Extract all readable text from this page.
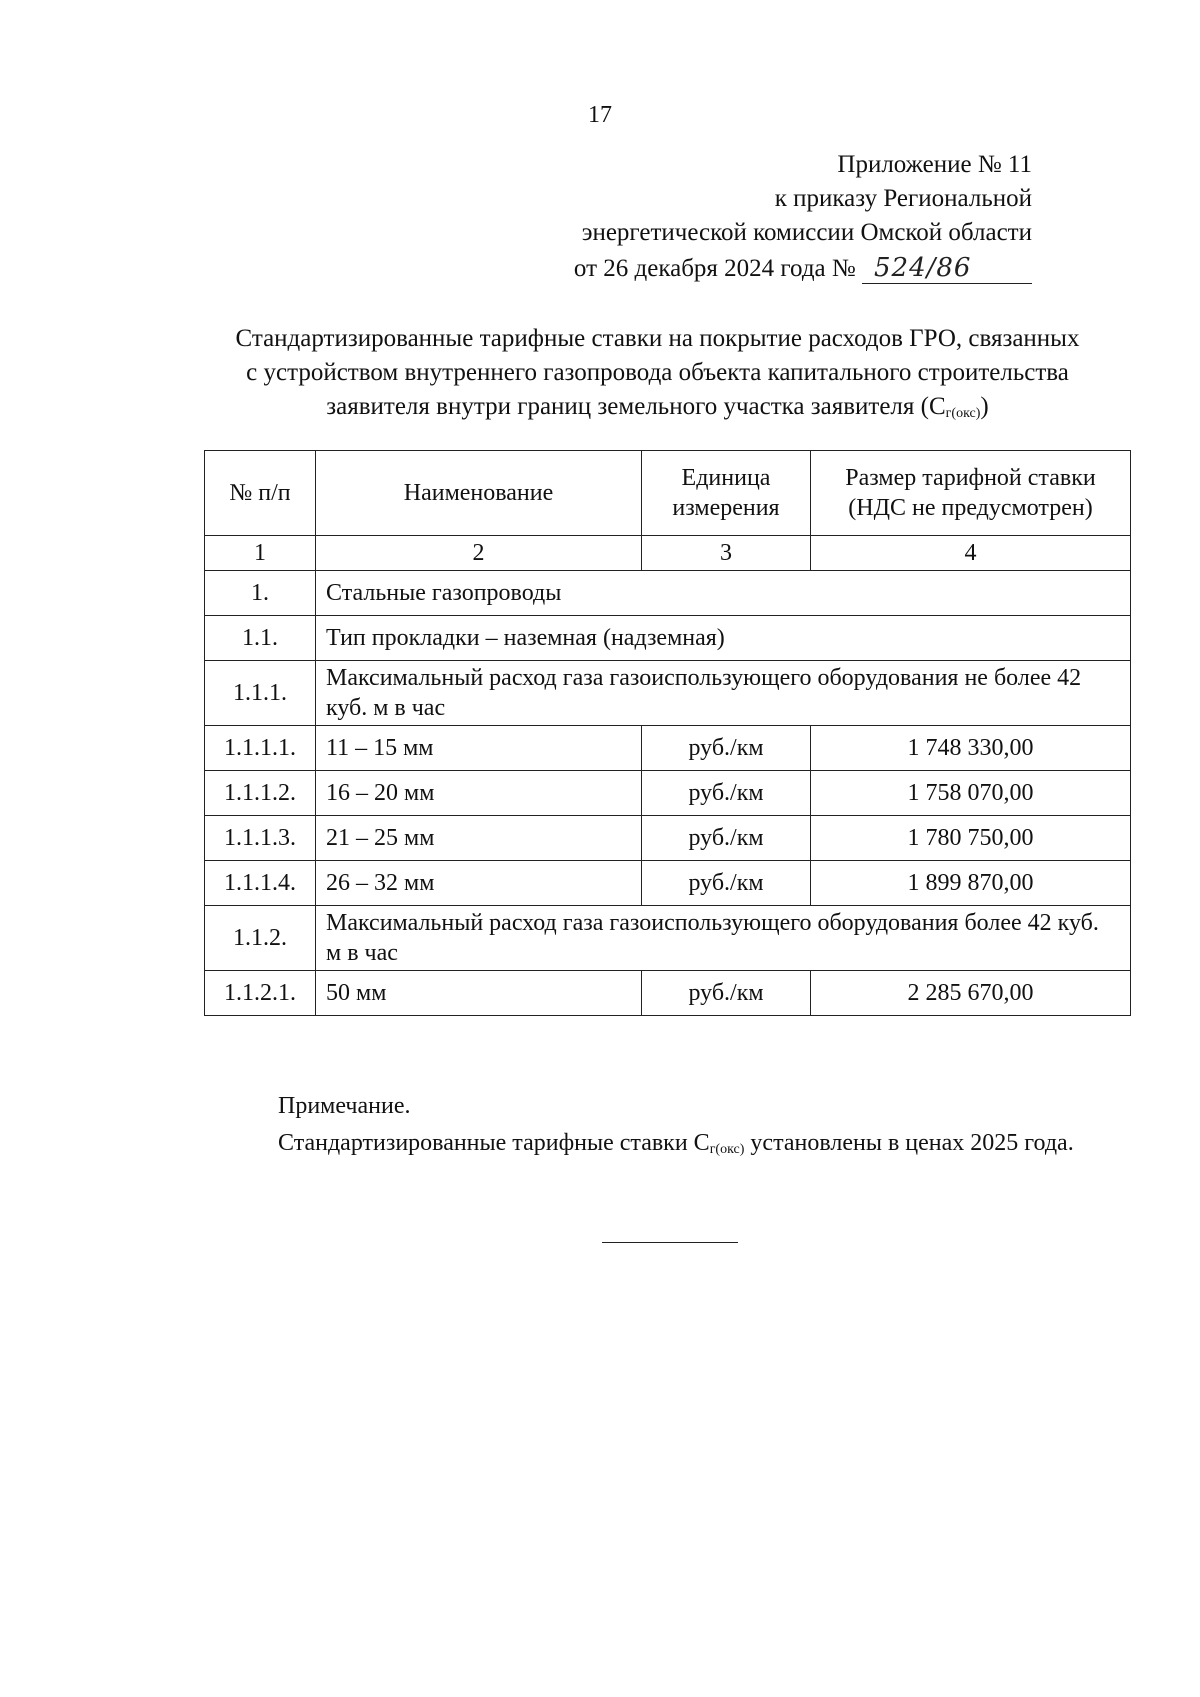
17
Приложение № 11
к приказу Региональной
энергетической комиссии Омской области
от 26 декабря 2024 года № 524/86
Стандартизированные тарифные ставки на покрытие расходов ГРО, связанных
с устройством внутреннего газопровода объекта капитального строительства
заявителя внутри границ земельного участка заявителя $(С_{г(окс)})$
№ п/п	Наименование	Единица измерения	Размер тарифной ставки (НДС не предусмотрен)
1	2	3	4
1.	Стальные газопроводы		
1.1.	Тип прокладки – наземная (надземная)		
1.1.1.	Максимальный расход газа газоиспользующего оборудования не более 42 куб. м в час		
1.1.1.1.	11 – 15 мм	руб./км	1 748 330,00
1.1.1.2.	16 – 20 мм	руб./км	1 758 070,00
1.1.1.3.	21 – 25 мм	руб./км	1 780 750,00
1.1.1.4.	26 – 32 мм	руб./км	1 899 870,00
1.1.2.	Максимальный расход газа газоиспользующего оборудования более 42 куб. м в час		
1.1.2.1.	50 мм	руб./км	2 285 670,00
Примечание.
Стандартизированные тарифные ставки $С_{г(окс)}$ установлены в ценах 2025 года.
